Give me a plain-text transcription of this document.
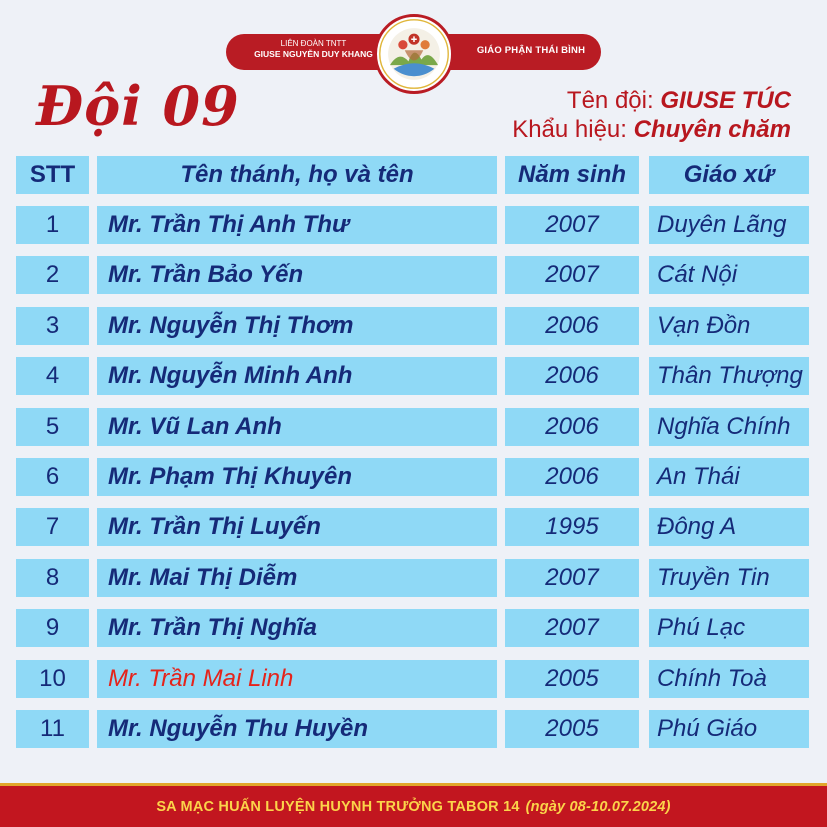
LIÊN ĐOÀN TNTT
GIUSE NGUYỄN DUY KHANG	GIÁO PHẬN THÁI BÌNH
Đội 09	Tên đội: GIUSE TÚC
Khẩu hiệu: Chuyên chăm
STT	Tên thánh, họ và tên	Năm sinh	Giáo xứ
1	Mr. Trần Thị Anh Thư	2007	Duyên Lãng
2	Mr. Trần Bảo Yến	2007	Cát Nội
3	Mr. Nguyễn Thị Thơm	2006	Vạn Đồn
4	Mr. Nguyễn Minh Anh	2006	Thân Thượng
5	Mr. Vũ Lan Anh	2006	Nghĩa Chính
6	Mr. Phạm Thị Khuyên	2006	An Thái
7	Mr. Trần Thị Luyến	1995	Đông A
8	Mr. Mai Thị Diễm	2007	Truyền Tin
9	Mr. Trần Thị Nghĩa	2007	Phú Lạc
10	Mr. Trần Mai Linh	2005	Chính Toà
11	Mr. Nguyễn Thu Huyền	2005	Phú Giáo
SA MẠC HUẤN LUYỆN HUYNH TRƯỞNG TABOR 14 (ngày 08-10.07.2024)
